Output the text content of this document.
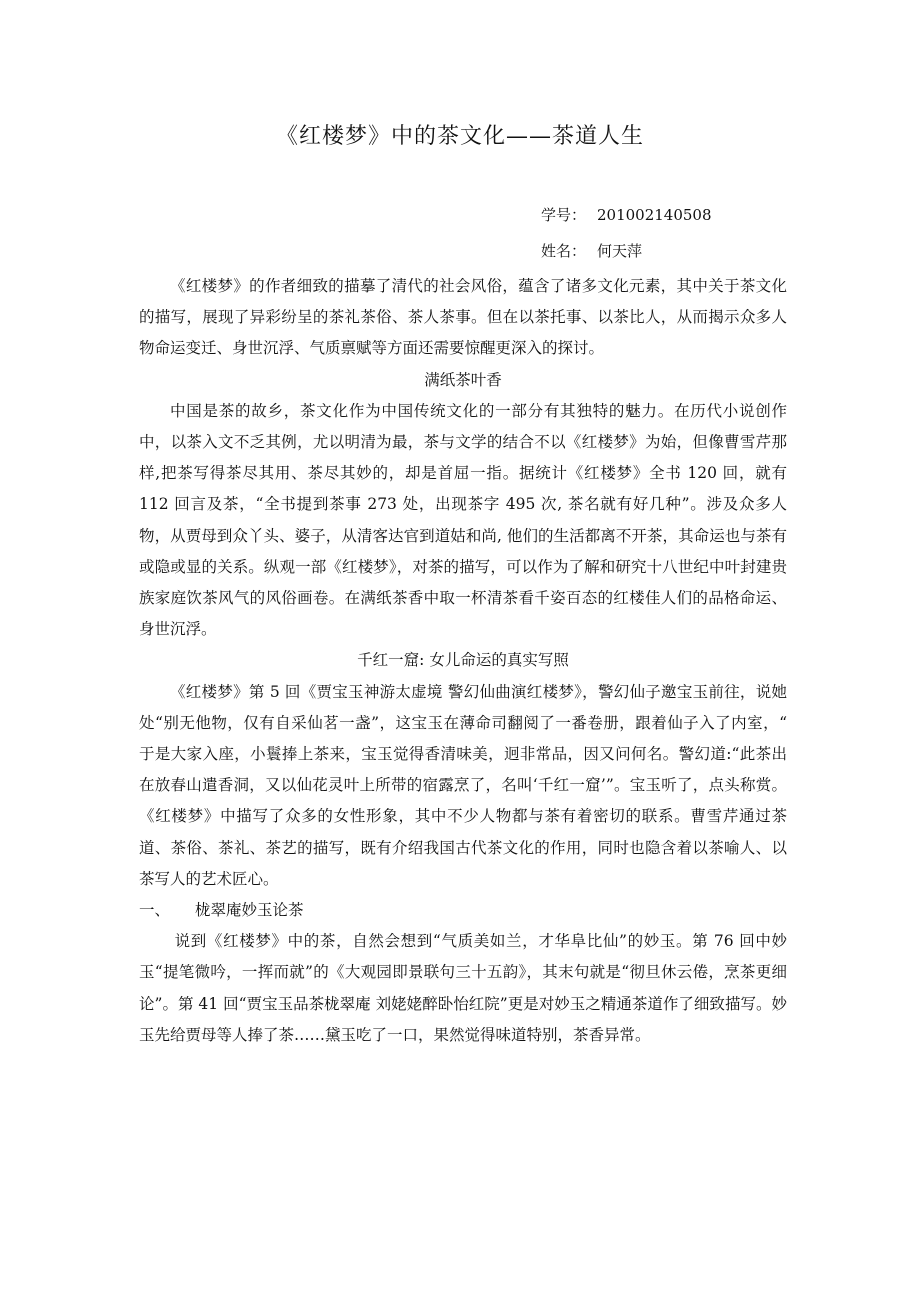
《红楼梦》中的茶文化——茶道人生
学号： 201002140508
姓名： 何天萍

《红楼梦》的作者细致的描摹了清代的社会风俗，蕴含了诸多文化元素，其中关于茶文化的描写，展现了异彩纷呈的茶礼茶俗、茶人茶事。但在以茶托事、以茶比人，从而揭示众多人物命运变迁、身世沉浮、气质禀赋等方面还需要惊醒更深入的探讨。

满纸茶叶香

中国是茶的故乡，茶文化作为中国传统文化的一部分有其独特的魅力。在历代小说创作中，以茶入文不乏其例，尤以明清为最，茶与文学的结合不以《红楼梦》为始，但像曹雪芹那样,把茶写得茶尽其用、茶尽其妙的，却是首屈一指。据统计《红楼梦》全书 120 回，就有 112 回言及茶，“全书提到茶事 273 处，出现茶字 495 次, 茶名就有好几种”。涉及众多人物，从贾母到众丫头、婆子，从清客达官到道姑和尚, 他们的生活都离不开茶，其命运也与茶有或隐或显的关系。纵观一部《红楼梦》，对茶的描写，可以作为了解和研究十八世纪中叶封建贵族家庭饮茶风气的风俗画卷。在满纸茶香中取一杯清茶看千姿百态的红楼佳人们的品格命运、身世沉浮。

千红一窟: 女儿命运的真实写照

《红楼梦》第 5 回《贾宝玉神游太虚境 警幻仙曲演红楼梦》，警幻仙子邀宝玉前往，说她处“别无他物，仅有自采仙茗一盏”，这宝玉在薄命司翻阅了一番卷册，跟着仙子入了内室，“ 于是大家入座，小鬟捧上茶来，宝玉觉得香清味美，迥非常品，因又问何名。警幻道:“此茶出在放春山遣香洞，又以仙花灵叶上所带的宿露烹了，名叫‘千红一窟’”。宝玉听了，点头称赏。《红楼梦》中描写了众多的女性形象，其中不少人物都与茶有着密切的联系。曹雪芹通过茶道、茶俗、茶礼、茶艺的描写，既有介绍我国古代茶文化的作用，同时也隐含着以茶喻人、以茶写人的艺术匠心。

一、 栊翠庵妙玉论茶

说到《红楼梦》中的茶，自然会想到“气质美如兰，才华阜比仙”的妙玉。第 76 回中妙玉“提笔微吟，一挥而就”的《大观园即景联句三十五韵》，其末句就是“彻旦休云倦，烹茶更细论”。第 41 回“贾宝玉品茶栊翠庵 刘姥姥醉卧怡红院”更是对妙玉之精通茶道作了细致描写。妙玉先给贾母等人捧了茶……黛玉吃了一口，果然觉得味道特别，茶香异常。
